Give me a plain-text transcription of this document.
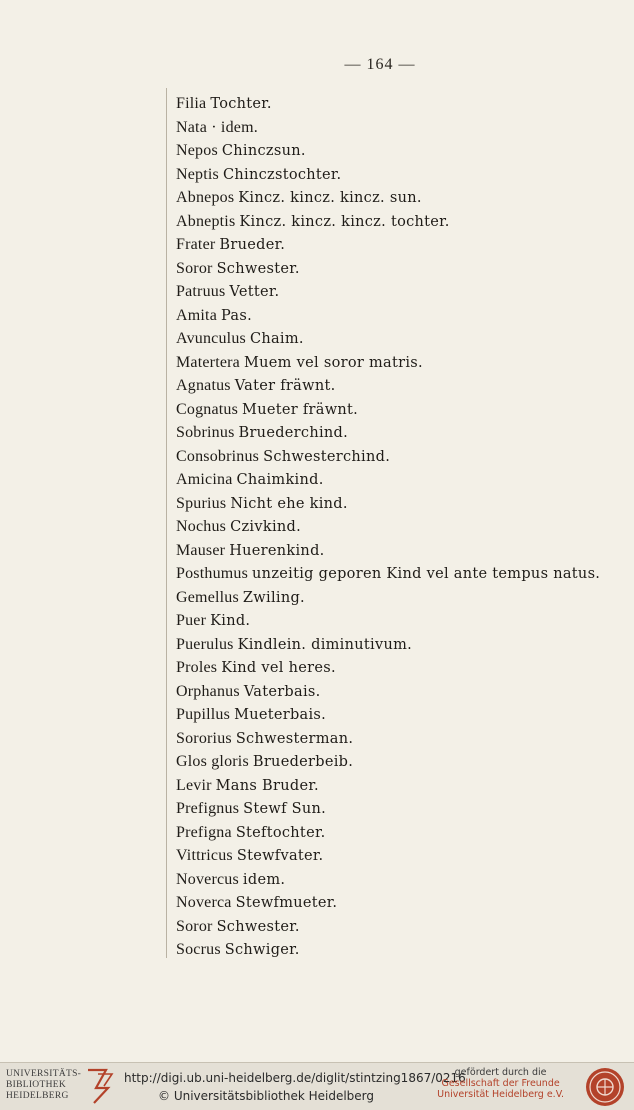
— 164 —
Filia Tochter.
Nata · idem.
Nepos Chinczsun.
Neptis Chinczstochter.
Abnepos Kincz. kincz. kincz. sun.
Abneptis Kincz. kincz. kincz. tochter.
Frater Brueder.
Soror Schwester.
Patruus Vetter.
Amita Pas.
Avunculus Chaim.
Matertera Muem vel soror matris.
Agnatus Vater fräwnt.
Cognatus Mueter fräwnt.
Sobrinus Bruederchind.
Consobrinus Schwesterchind.
Amicina Chaimkind.
Spurius Nicht ehe kind.
Nochus Czivkind.
Mauser Huerenkind.
Posthumus unzeitig geporen Kind vel ante tempus natus.
Gemellus Zwiling.
Puer Kind.
Puerulus Kindlein. diminutivum.
Proles Kind vel heres.
Orphanus Vaterbais.
Pupillus Mueterbais.
Sororius Schwesterman.
Glos gloris Bruederbeib.
Levir Mans Bruder.
Prefignus Stewf Sun.
Prefigna Steftochter.
Vittricus Stewfvater.
Novercus idem.
Noverca Stewfmueter.
Soror Schwester.
Socrus Schwiger.
UNIVERSITÄTS-
BIBLIOTHEK
HEIDELBERG
http://digi.ub.uni-heidelberg.de/diglit/stintzing1867/0216
© Universitätsbibliothek Heidelberg
gefördert durch die
Gesellschaft der Freunde
Universität Heidelberg e.V.
